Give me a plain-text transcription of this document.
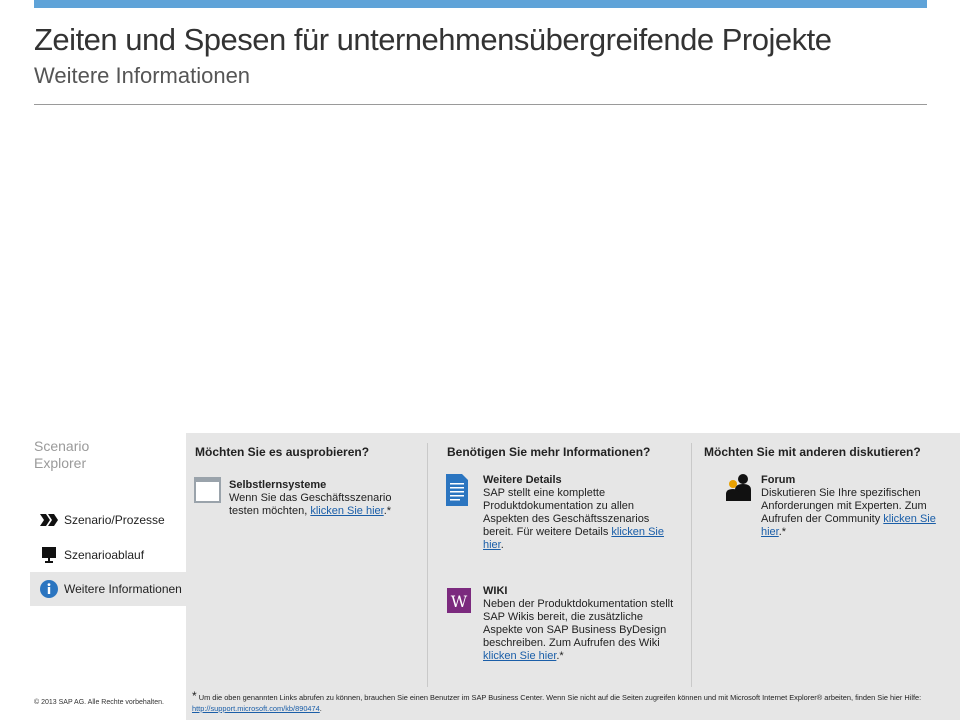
Zeiten und Spesen für unternehmensübergreifende Projekte
Weitere Informationen
Scenario
Explorer
Szenario/Prozesse
Szenarioablauf
Weitere Informationen
© 2013 SAP AG. Alle Rechte vorbehalten.
Möchten Sie es ausprobieren?
Selbstlernsysteme
Wenn Sie das Geschäftsszenario testen möchten, klicken Sie hier.*
Benötigen Sie mehr Informationen?
Weitere Details
SAP stellt eine komplette Produktdokumentation zu allen Aspekten des Geschäftsszenarios bereit. Für weitere Details klicken Sie hier.
W
WIKI
Neben der Produktdokumentation stellt SAP Wikis bereit, die zusätzliche Aspekte von SAP Business ByDesign beschreiben. Zum Aufrufen des Wiki klicken Sie hier.*
Möchten Sie mit anderen diskutieren?
Forum
Diskutieren Sie Ihre spezifischen Anforderungen mit Experten. Zum Aufrufen der Community klicken Sie hier.*
* Um die oben genannten Links abrufen zu können, brauchen Sie einen Benutzer im SAP Business Center. Wenn Sie nicht auf die Seiten zugreifen können und mit Microsoft Internet Explorer® arbeiten, finden Sie hier Hilfe: http://support.microsoft.com/kb/890474.
